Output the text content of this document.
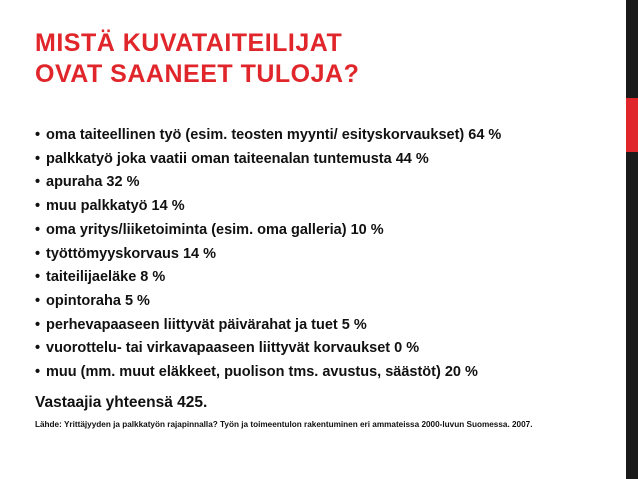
MISTÄ KUVATAITEILIJAT
OVAT SAANEET TULOJA?
• oma taiteellinen työ (esim. teosten myynti/ esityskorvaukset) 64 %
• palkkatyö joka vaatii oman taiteenalan tuntemusta 44 %
• apuraha 32 %
• muu palkkatyö 14 %
• oma yritys/liiketoiminta (esim. oma galleria) 10 %
• työttömyyskorvaus 14 %
• taiteilijaeläke 8 %
• opintoraha 5 %
• perhevapaaseen liittyvät päivärahat ja tuet 5 %
• vuorottelu- tai virkavapaaseen liittyvät korvaukset 0 %
• muu (mm. muut eläkkeet, puolison tms. avustus, säästöt) 20 %
Vastaajia yhteensä 425.
Lähde: Yrittäjyyden ja palkkatyön rajapinnalla? Työn ja toimeentulon rakentuminen eri ammateissa 2000-luvun Suomessa. 2007.
